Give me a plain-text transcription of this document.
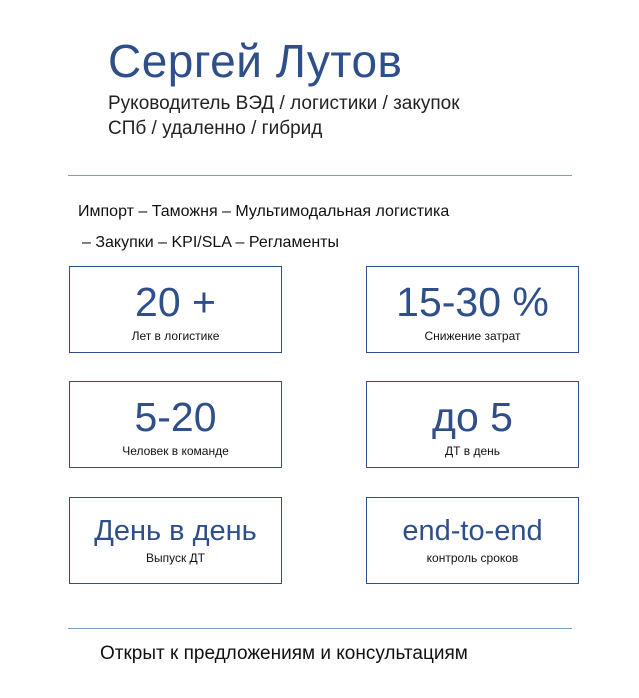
Сергей Лутов
Руководитель ВЭД / логистики / закупок
СПб / удаленно / гибрид
Импорт – Таможня – Мультимодальная логистика
– Закупки – KPI/SLA – Регламенты
20 +
Лет в логистике
15-30 %
Снижение затрат
5-20
Человек в команде
до 5
ДТ в день
День в день
Выпуск ДТ
end-to-end
контроль сроков
Открыт к предложениям и консультациям
